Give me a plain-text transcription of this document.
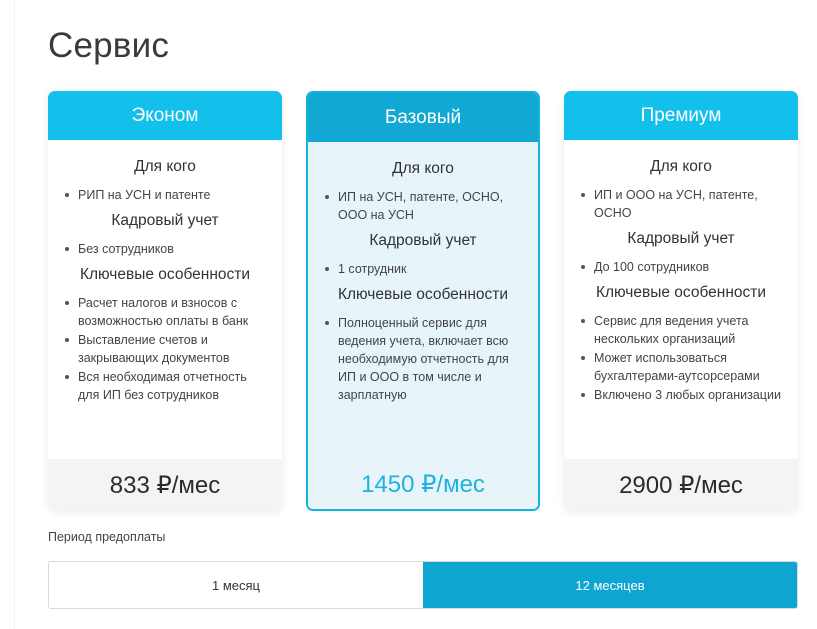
Сервис
Эконом
Для кого
РИП на УСН и патенте
Кадровый учет
Без сотрудников
Ключевые особенности
Расчет налогов и взносов с возможностью оплаты в банк
Выставление счетов и закрывающих документов
Вся необходимая отчетность для ИП без сотрудников
833 ₽/мес
Базовый
Для кого
ИП на УСН, патенте, ОСНО, ООО на УСН
Кадровый учет
1 сотрудник
Ключевые особенности
Полноценный сервис для ведения учета, включает всю необходимую отчетность для ИП и ООО в том числе и зарплатную
1450 ₽/мес
Премиум
Для кого
ИП и ООО на УСН, патенте, ОСНО
Кадровый учет
До 100 сотрудников
Ключевые особенности
Сервис для ведения учета нескольких организаций
Может использоваться бухгалтерами-аутсорсерами
Включено 3 любых организации
2900 ₽/мес
Период предоплаты
1 месяц	12 месяцев
